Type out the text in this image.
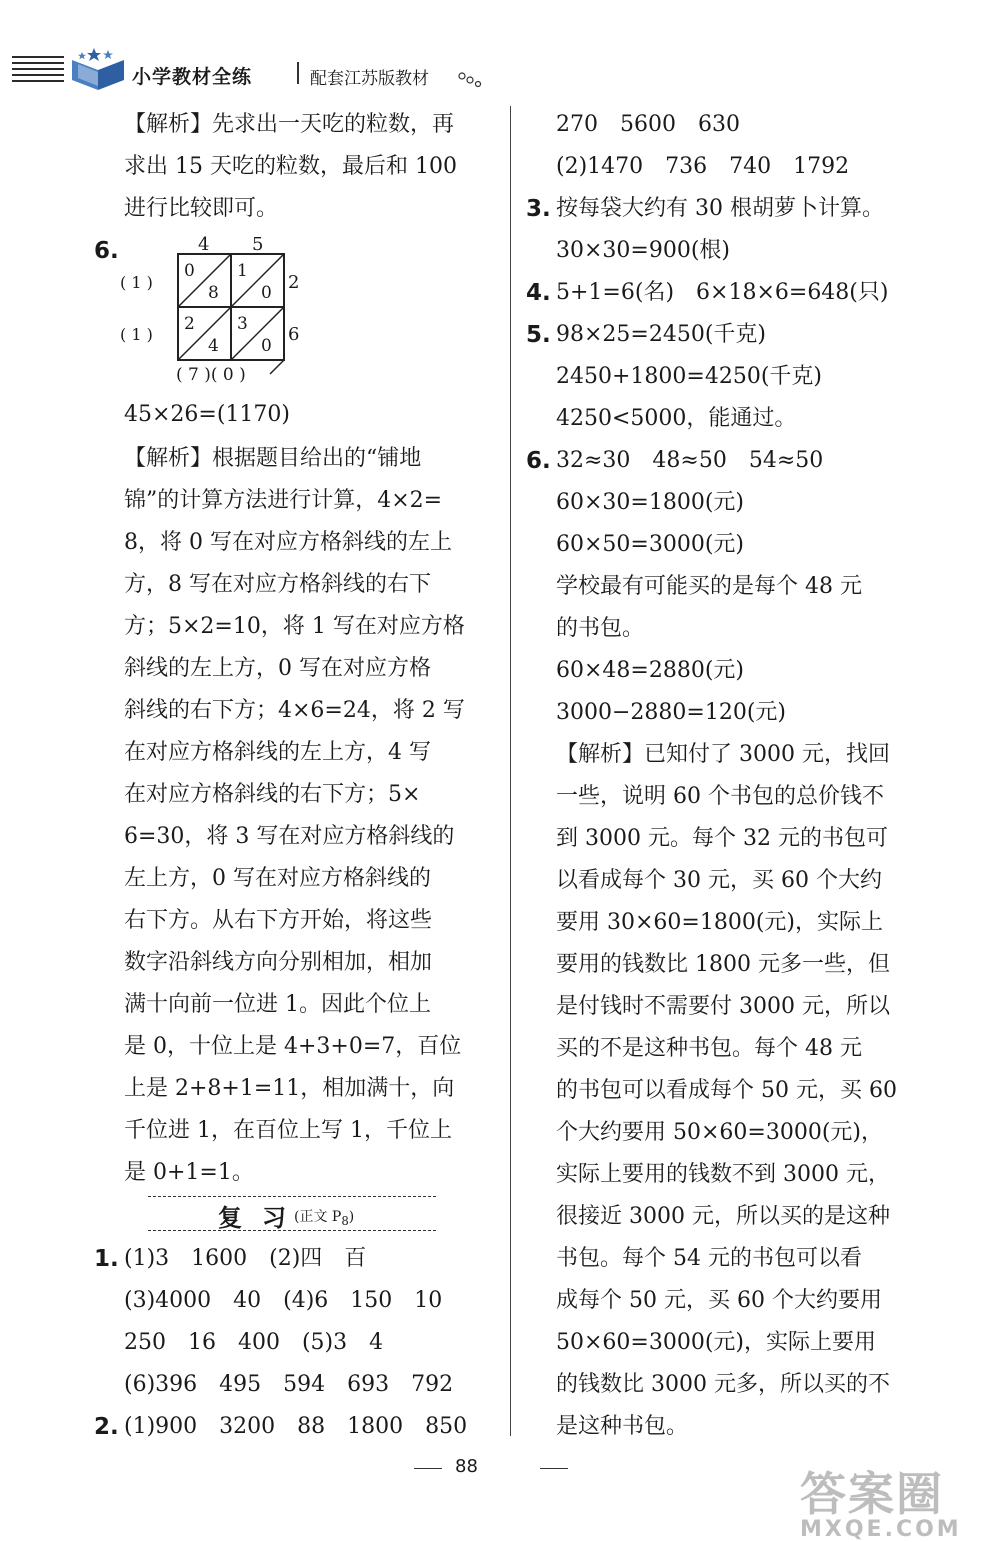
小学教材全练	配套江苏版教材
【解析】先求出一天吃的粒数，再
求出 15 天吃的粒数，最后和 100
进行比较即可。
6.	4 5
2
6
( 1 )
( 1 )
0
8
1
0
2
4
3
0
( 7 )( 0 )
45×26=(1170)
【解析】根据题目给出的“铺地
锦”的计算方法进行计算，4×2=
8，将 0 写在对应方格斜线的左上
方，8 写在对应方格斜线的右下
方；5×2=10，将 1 写在对应方格
斜线的左上方，0 写在对应方格
斜线的右下方；4×6=24，将 2 写
在对应方格斜线的左上方，4 写
在对应方格斜线的右下方；5×
6=30，将 3 写在对应方格斜线的
左上方，0 写在对应方格斜线的
右下方。从右下方开始，将这些
数字沿斜线方向分别相加，相加
满十向前一位进 1。因此个位上
是 0，十位上是 4+3+0=7，百位
上是 2+8+1=11，相加满十，向
千位进 1，在百位上写 1，千位上
是 0+1=1。
复习
(正文 $P_8$)
1. (1)3　1600　(2)四　百
(3)4000　40　(4)6　150　10
250　16　400　(5)3　4
(6)396　495　594　693　792
2. (1)900　3200　88　1800　850
270　5600　630
(2)1470　736　740　1792
3. 按每袋大约有 30 根胡萝卜计算。
30×30=900(根)
4. 5+1=6(名)　6×18×6=648(只)
5. 98×25=2450(千克)
2450+1800=4250(千克)
4250<5000，能通过。
6. 32≈30　48≈50　54≈50
60×30=1800(元)
60×50=3000(元)
学校最有可能买的是每个 48 元
的书包。
60×48=2880(元)
3000−2880=120(元)
【解析】已知付了 3000 元，找回
一些，说明 60 个书包的总价钱不
到 3000 元。每个 32 元的书包可
以看成每个 30 元，买 60 个大约
要用 30×60=1800(元)，实际上
要用的钱数比 1800 元多一些，但
是付钱时不需要付 3000 元，所以
买的不是这种书包。每个 48 元
的书包可以看成每个 50 元，买 60
个大约要用 50×60=3000(元)，
实际上要用的钱数不到 3000 元，
很接近 3000 元，所以买的是这种
书包。每个 54 元的书包可以看
成每个 50 元，买 60 个大约要用
50×60=3000(元)，实际上要用
的钱数比 3000 元多，所以买的不
是这种书包。
88
答案圈
MXQE.COM
